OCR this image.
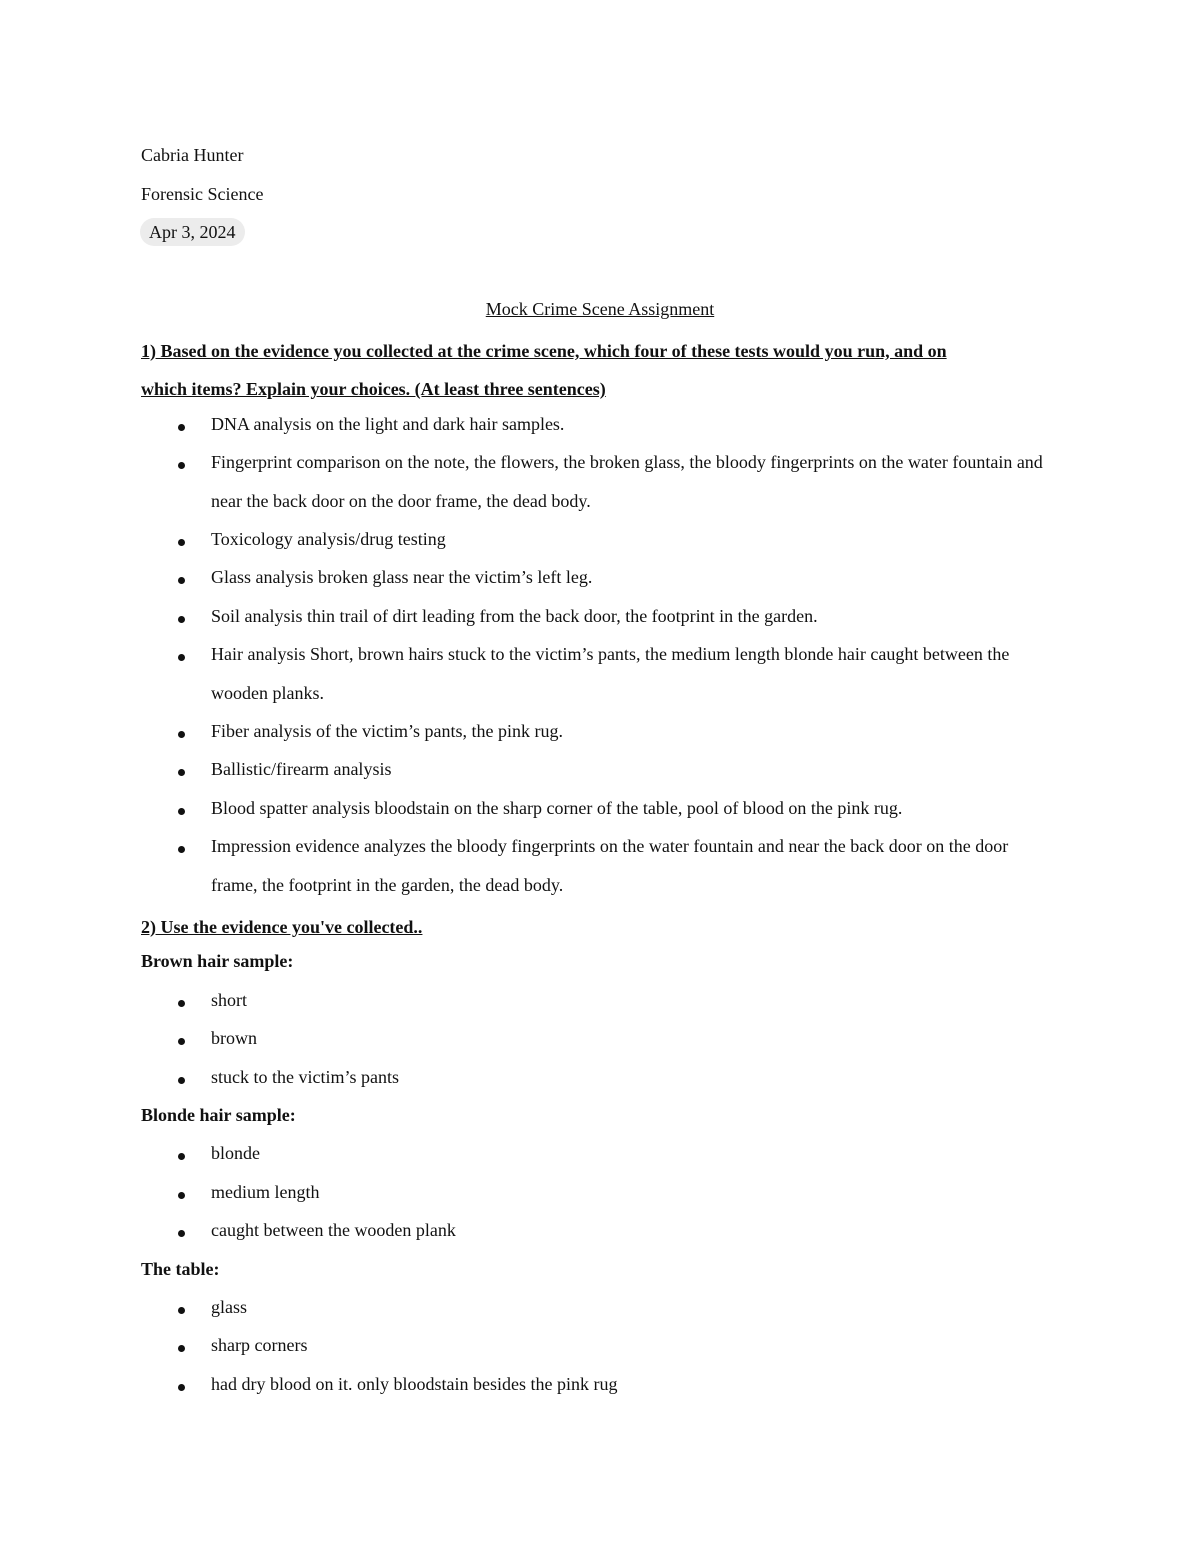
Cabria Hunter
Forensic Science
Apr 3, 2024
Mock Crime Scene Assignment
1) Based on the evidence you collected at the crime scene, which four of these tests would you run, and on which items? Explain your choices. (At least three sentences)
DNA analysis on the light and dark hair samples.
Fingerprint comparison on the note, the flowers, the broken glass, the bloody fingerprints on the water fountain and near the back door on the door frame, the dead body.
Toxicology analysis/drug testing
Glass analysis broken glass near the victim’s left leg.
Soil analysis thin trail of dirt leading from the back door, the footprint in the garden.
Hair analysis Short, brown hairs stuck to the victim’s pants, the medium length blonde hair caught between the wooden planks.
Fiber analysis of the victim’s pants, the pink rug.
Ballistic/firearm analysis
Blood spatter analysis bloodstain on the sharp corner of the table, pool of blood on the pink rug.
Impression evidence analyzes the bloody fingerprints on the water fountain and near the back door on the door frame, the footprint in the garden, the dead body.
2) Use the evidence you've collected..
Brown hair sample:
short
brown
stuck to the victim’s pants
Blonde hair sample:
blonde
medium length
caught between the wooden plank
The table:
glass
sharp corners
had dry blood on it. only bloodstain besides the pink rug
